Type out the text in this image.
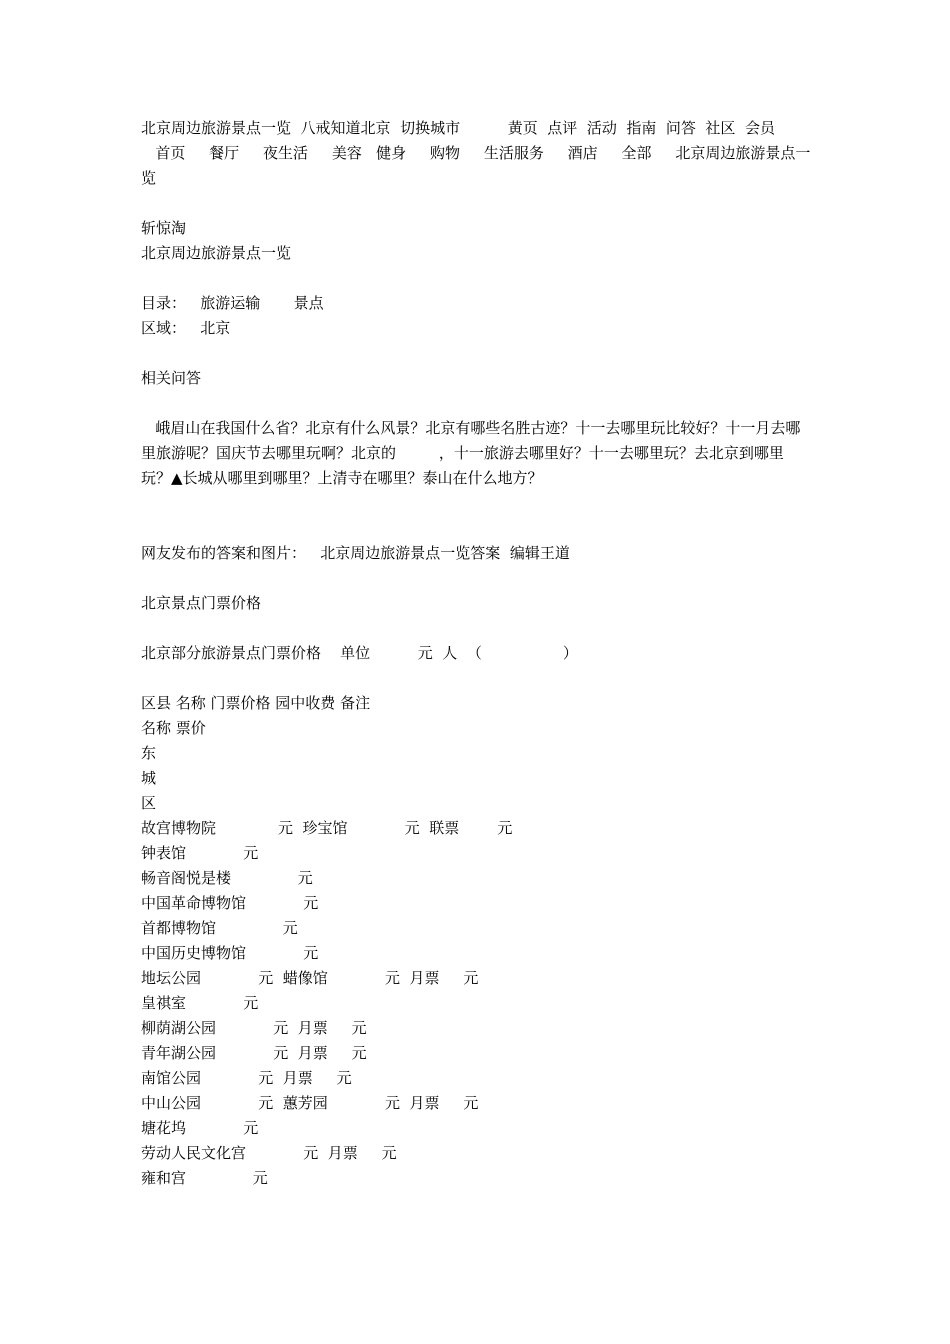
北京周边旅游景点一览  八戒知道北京  切换城市          黄页  点评  活动  指南  问答  社区  会员

首页     餐厅     夜生活     美容   健身     购物     生活服务     酒店     全部     北京周边旅游景点一览

斩惊淘

北京周边旅游景点一览

目录：   旅游运输       景点

区域：   北京

相关问答

峨眉山在我国什么省？北京有什么风景？北京有哪些名胜古迹？十一去哪里玩比较好？十一月去哪里旅游呢？国庆节去哪里玩啊？北京的         ，十一旅游去哪里好？十一去哪里玩？去北京到哪里玩？▲长城从哪里到哪里？上清寺在哪里？泰山在什么地方？

网友发布的答案和图片：   北京周边旅游景点一览答案  编辑王道

北京景点门票价格

北京部分旅游景点门票价格    单位          元  人  （                 ）

区县 名称 门票价格 园中收费 备注

名称 票价

东

城

区

故宫博物院             元  珍宝馆            元  联票        元

钟表馆            元

畅音阁悦是楼              元

中国革命博物馆            元

首都博物馆              元

中国历史博物馆            元

地坛公园            元  蜡像馆            元  月票     元

皇祺室            元

柳荫湖公园            元  月票     元

青年湖公园            元  月票     元

南馆公园            元  月票     元

中山公园            元  蕙芳园            元  月票     元

塘花坞            元

劳动人民文化宫            元  月票     元

雍和宫              元
